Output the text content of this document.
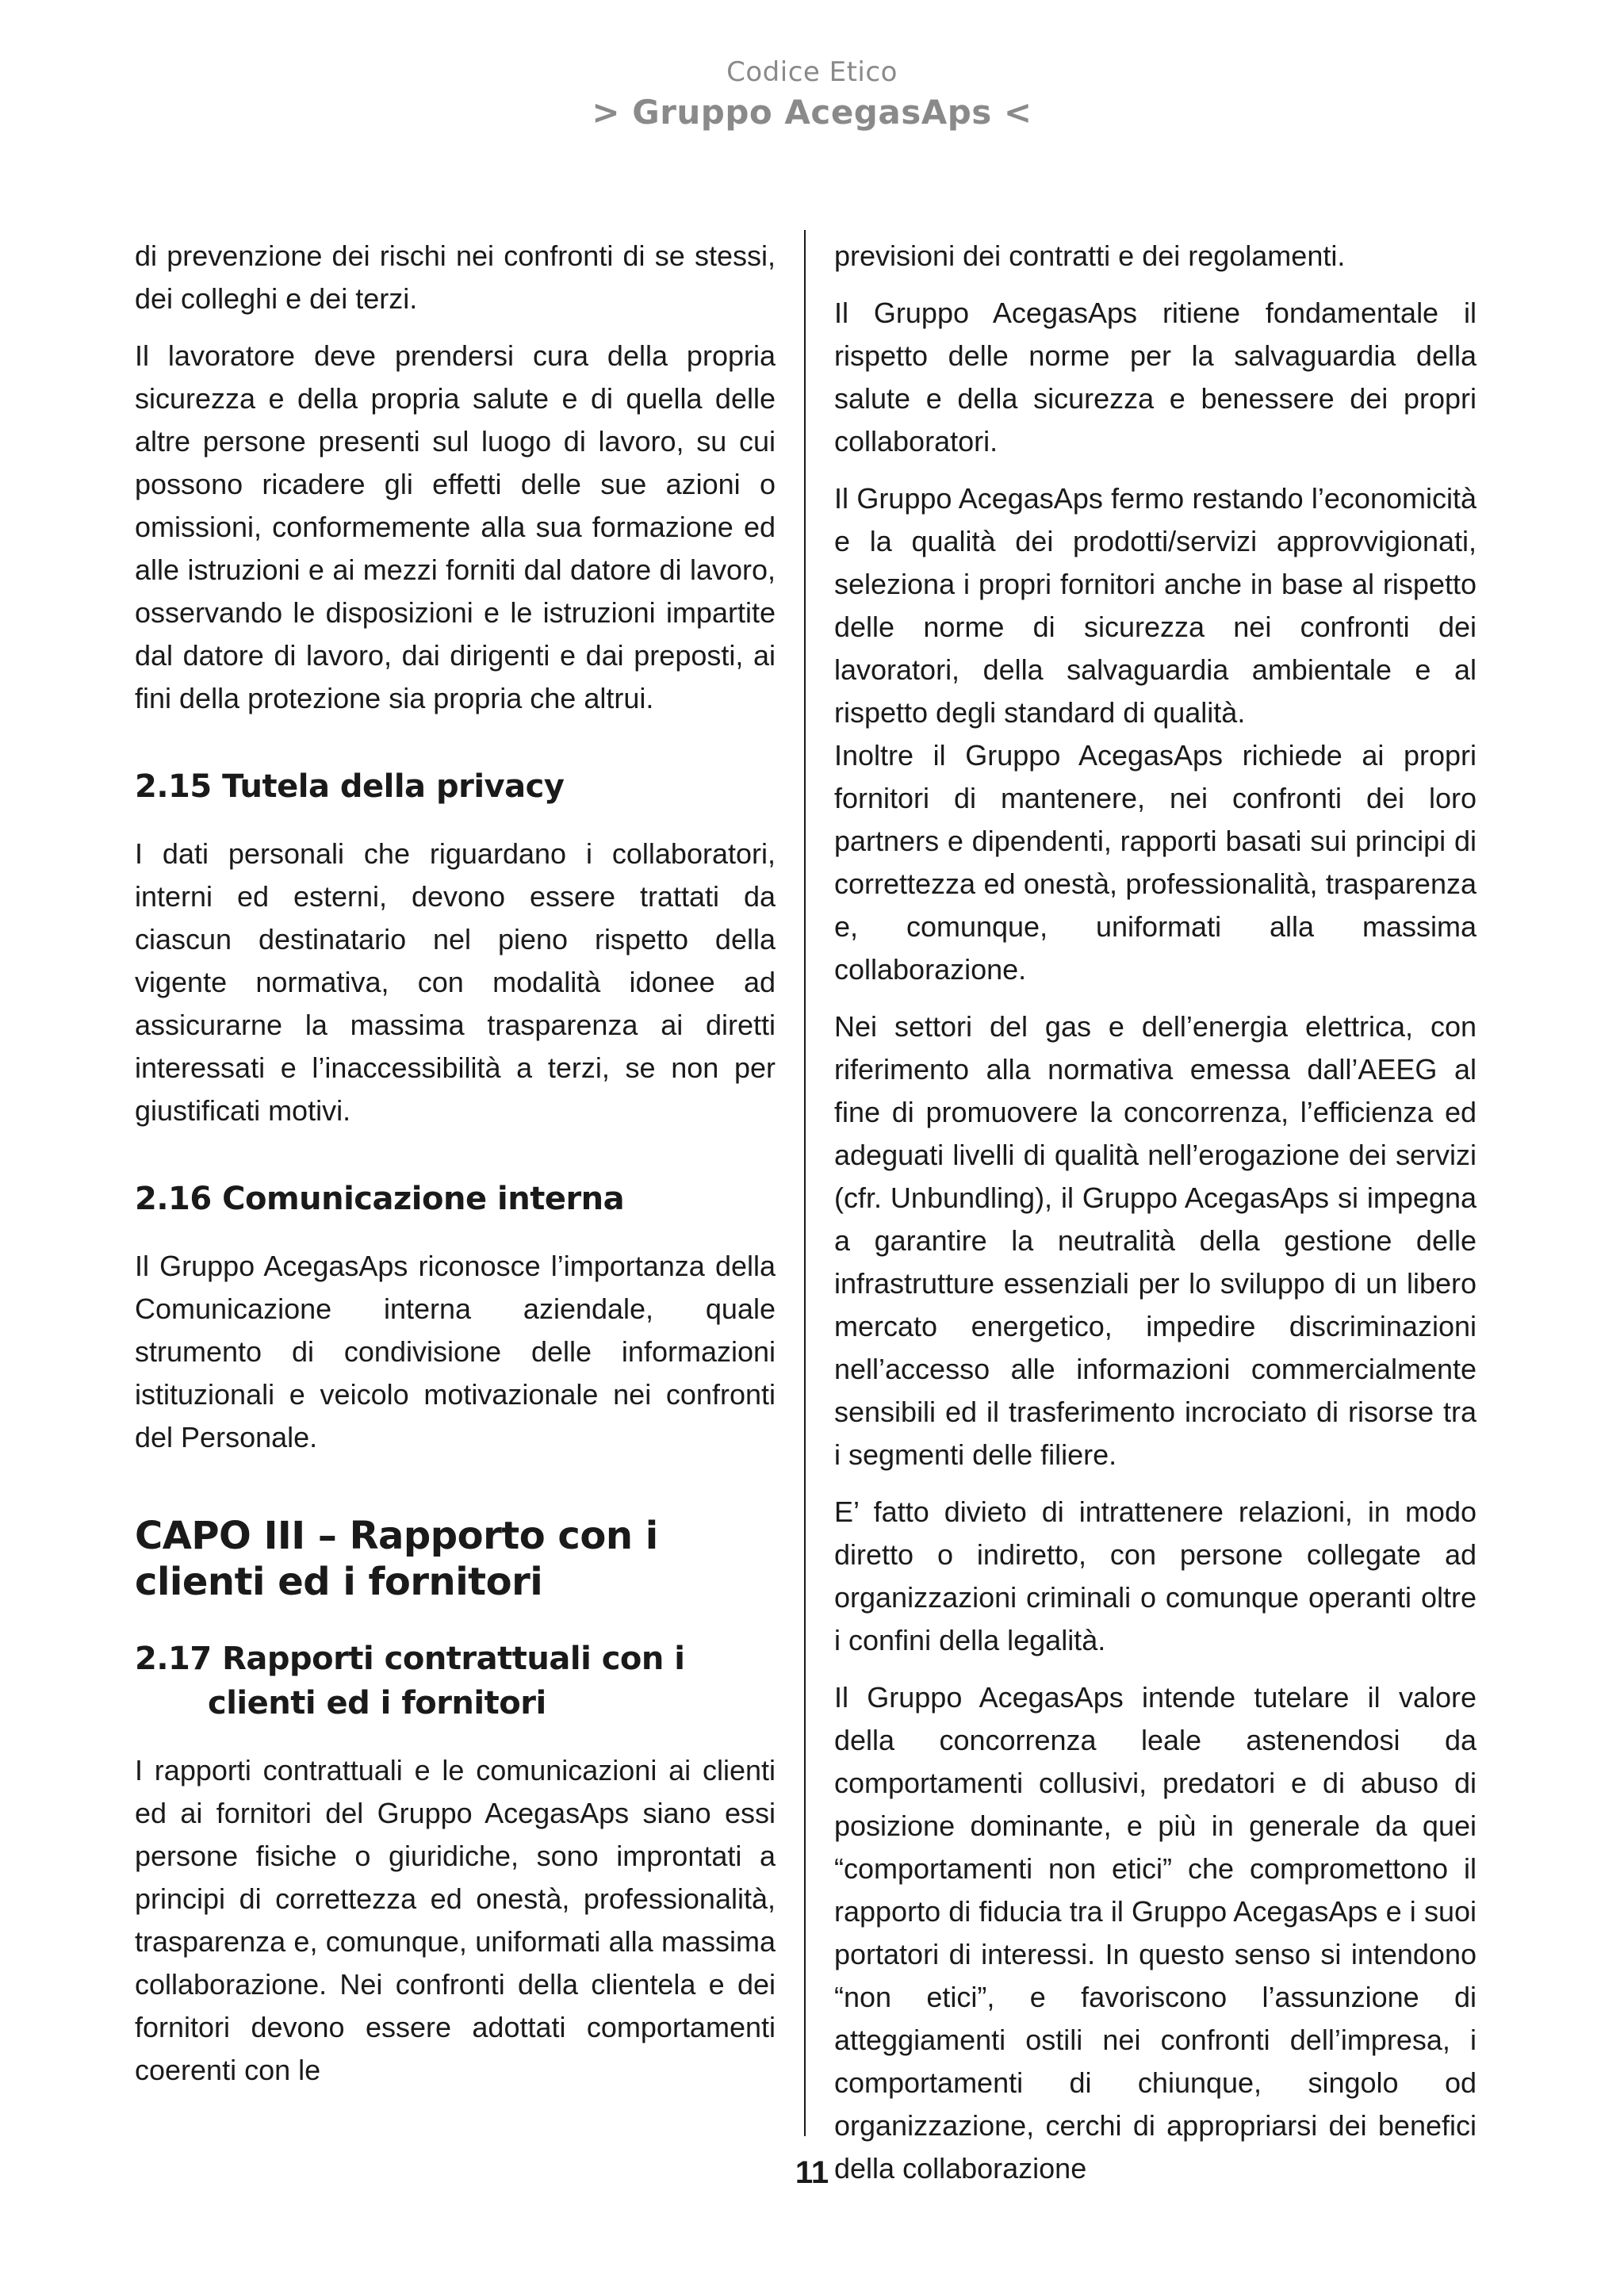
Codice Etico
> Gruppo AcegasAps <

di prevenzione dei rischi nei confronti di se stessi, dei colleghi e dei terzi.

Il lavoratore deve prendersi cura della propria sicurezza e della propria salute e di quella delle altre persone presenti sul luogo di lavoro, su cui possono ricadere gli effetti delle sue azioni o omissioni, conformemente alla sua formazione ed alle istruzioni e ai mezzi forniti dal datore di lavoro, osservando le disposizioni e le istruzioni impartite dal datore di lavoro, dai dirigenti e dai preposti, ai fini della protezione sia propria che altrui.

2.15 Tutela della privacy

I dati personali che riguardano i collaboratori, interni ed esterni, devono essere trattati da ciascun destinatario nel pieno rispetto della vigente normativa, con modalità idonee ad assicurarne la massima trasparenza ai diretti interessati e l’inaccessibilità a terzi, se non per giustificati motivi.

2.16 Comunicazione interna

Il Gruppo AcegasAps riconosce l’importanza della Comunicazione interna aziendale, quale strumento di condivisione delle informazioni istituzionali e veicolo motivazionale nei confronti del Personale.

CAPO III – Rapporto con i clienti ed i fornitori
2.17 Rapporti contrattuali con i clienti ed i fornitori

I rapporti contrattuali e le comunicazioni ai clienti ed ai fornitori del Gruppo AcegasAps siano essi persone fisiche o giuridiche, sono improntati a principi di correttezza ed onestà, professionalità, trasparenza e, comunque, uniformati alla massima collaborazione. Nei confronti della clientela e dei fornitori devono essere adottati comportamenti coerenti con le

previsioni dei contratti e dei regolamenti.

Il Gruppo AcegasAps ritiene fondamentale il rispetto delle norme per la salvaguardia della salute e della sicurezza e benessere dei propri collaboratori.

Il Gruppo AcegasAps fermo restando l’economicità e la qualità dei prodotti/servizi approvvigionati, seleziona i propri fornitori anche in base al rispetto delle norme di sicurezza nei confronti dei lavoratori, della salvaguardia ambientale e al rispetto degli standard di qualità.

Inoltre il Gruppo AcegasAps richiede ai propri fornitori di mantenere, nei confronti dei loro partners e dipendenti, rapporti basati sui principi di correttezza ed onestà, professionalità, trasparenza e, comunque, uniformati alla massima collaborazione.

Nei settori del gas e dell’energia elettrica, con riferimento alla normativa emessa dall’AEEG al fine di promuovere la concorrenza, l’efficienza ed adeguati livelli di qualità nell’erogazione dei servizi (cfr. Unbundling), il Gruppo AcegasAps si impegna a garantire la neutralità della gestione delle infrastrutture essenziali per lo sviluppo di un libero mercato energetico, impedire discriminazioni nell’accesso alle informazioni commercialmente sensibili ed il trasferimento incrociato di risorse tra i segmenti delle filiere.

E’ fatto divieto di intrattenere relazioni, in modo diretto o indiretto, con persone collegate ad organizzazioni criminali o comunque operanti oltre i confini della legalità.

Il Gruppo AcegasAps intende tutelare il valore della concorrenza leale astenendosi da comportamenti collusivi, predatori e di abuso di posizione dominante, e più in generale da quei “comportamenti non etici” che compromettono il rapporto di fiducia tra il Gruppo AcegasAps e i suoi portatori di interessi. In questo senso si intendono “non etici”, e favoriscono l’assunzione di atteggiamenti ostili nei confronti dell’impresa, i comportamenti di chiunque, singolo od organizzazione, cerchi di appropriarsi dei benefici della collaborazione

11
